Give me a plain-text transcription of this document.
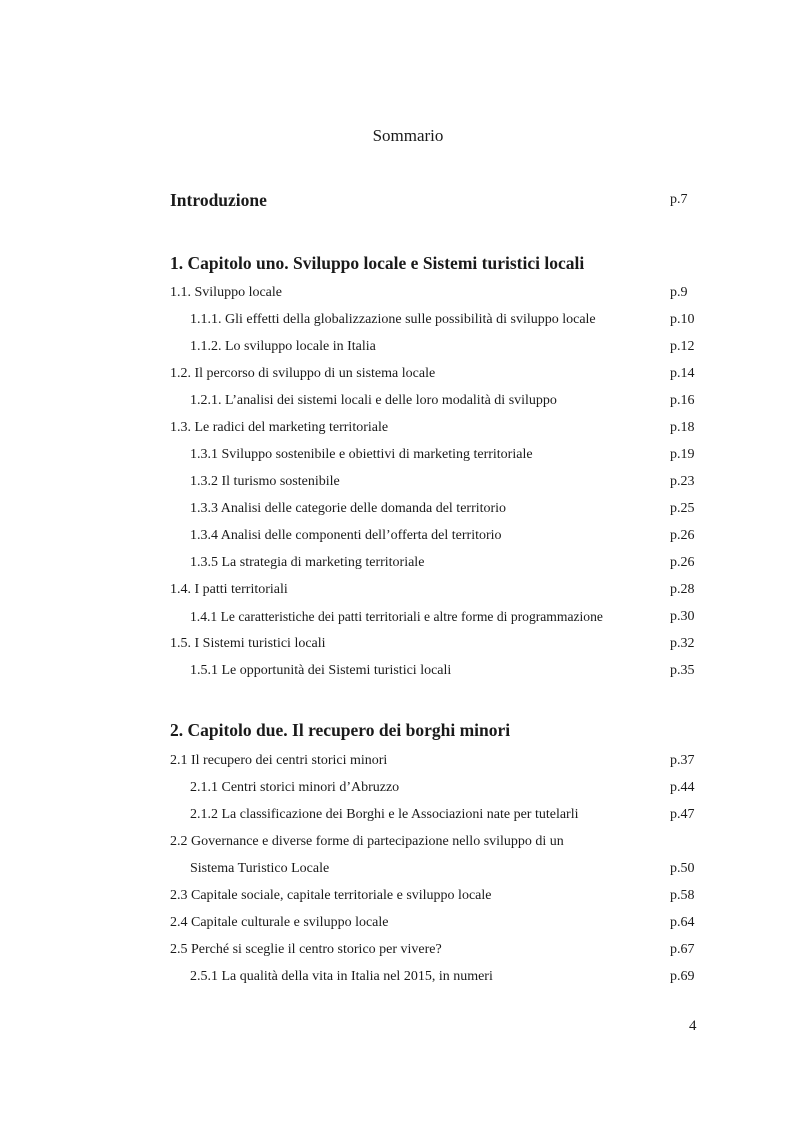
Sommario
Introduzione	p.7
1. Capitolo uno. Sviluppo locale e Sistemi turistici locali
1.1. Sviluppo locale	p.9
1.1.1. Gli effetti della globalizzazione sulle possibilità di sviluppo locale	p.10
1.1.2. Lo sviluppo locale in Italia	p.12
1.2. Il percorso di sviluppo di un sistema locale	p.14
1.2.1. L’analisi dei sistemi locali e delle loro modalità di sviluppo	p.16
1.3. Le radici del marketing territoriale	p.18
1.3.1 Sviluppo sostenibile e obiettivi di marketing territoriale	p.19
1.3.2 Il turismo sostenibile	p.23
1.3.3 Analisi delle categorie delle domanda del territorio	p.25
1.3.4 Analisi delle componenti dell’offerta del territorio	p.26
1.3.5 La strategia di marketing territoriale	p.26
1.4. I patti territoriali	p.28
1.4.1 Le caratteristiche dei patti territoriali e altre forme di programmazione	p.30
1.5. I Sistemi turistici locali	p.32
1.5.1 Le opportunità dei Sistemi turistici locali	p.35
2. Capitolo due. Il recupero dei borghi minori
2.1 Il recupero dei centri storici minori	p.37
2.1.1 Centri storici minori d’Abruzzo	p.44
2.1.2 La classificazione dei Borghi e le Associazioni nate per tutelarli	p.47
2.2 Governance e diverse forme di partecipazione nello sviluppo di un
Sistema Turistico Locale	p.50
2.3 Capitale sociale, capitale territoriale e sviluppo locale	p.58
2.4 Capitale culturale e sviluppo locale	p.64
2.5 Perché si sceglie il centro storico per vivere?	p.67
2.5.1 La qualità della vita in Italia nel 2015, in numeri	p.69
4
